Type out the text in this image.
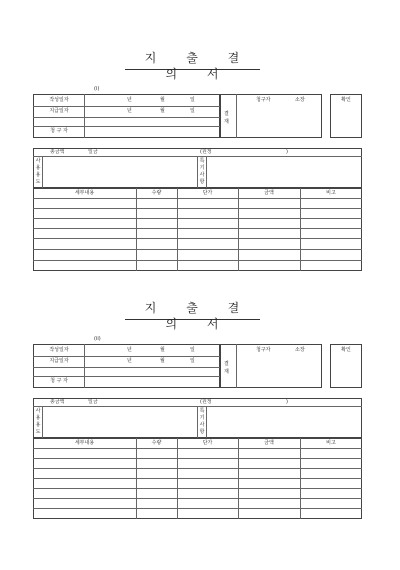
지 출 결 의 서
(i)
작성일자	년	월	일
지급일자	년	월	일
청 구 자
결재
청구자	소장	확인
총금액	일금	(원정	)
사용용도
특기사항
세부내용	수량	단가	금액	비고
지 출 결 의 서
(ii)
작성일자	년	월	일
지급일자	년	월	일
청 구 자
결재
청구자	소장	확인
총금액	일금	(원정	)
사용용도
특기사항
세부내용	수량	단가	금액	비고
